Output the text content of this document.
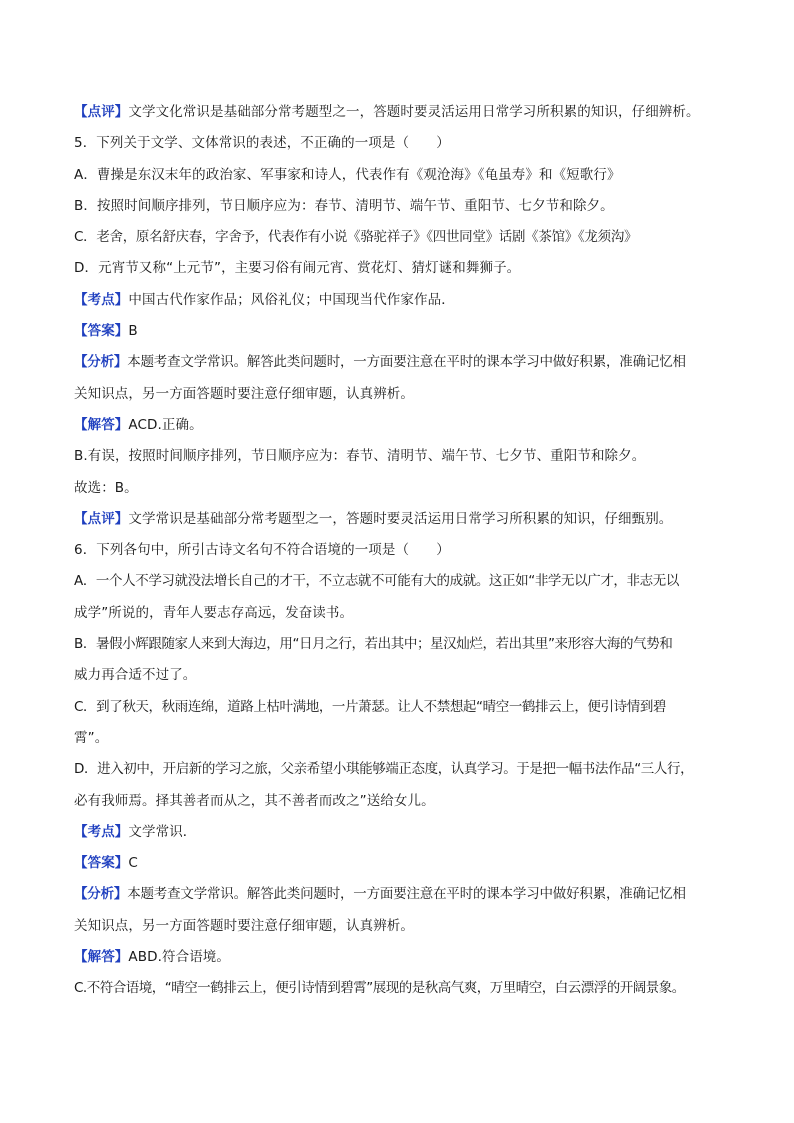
【点评】文学文化常识是基础部分常考题型之一，答题时要灵活运用日常学习所积累的知识，仔细辨析。
5．下列关于文学、文体常识的表述，不正确的一项是（　　）
A．曹操是东汉末年的政治家、军事家和诗人，代表作有《观沧海》《龟虽寿》和《短歌行》
B．按照时间顺序排列，节日顺序应为：春节、清明节、端午节、重阳节、七夕节和除夕。
C．老舍，原名舒庆春，字舍予，代表作有小说《骆驼祥子》《四世同堂》话剧《茶馆》《龙须沟》
D．元宵节又称“上元节”，主要习俗有闹元宵、赏花灯、猜灯谜和舞狮子。
【考点】中国古代作家作品；风俗礼仪；中国现当代作家作品．
【答案】B
【分析】本题考查文学常识。解答此类问题时，一方面要注意在平时的课本学习中做好积累，准确记忆相
关知识点，另一方面答题时要注意仔细审题，认真辨析。
【解答】ACD.正确。
B.有误，按照时间顺序排列，节日顺序应为：春节、清明节、端午节、七夕节、重阳节和除夕。
故选：B。
【点评】文学常识是基础部分常考题型之一，答题时要灵活运用日常学习所积累的知识，仔细甄别。
6．下列各句中，所引古诗文名句不符合语境的一项是（　　）
A．一个人不学习就没法增长自己的才干，不立志就不可能有大的成就。这正如“非学无以广才，非志无以
成学”所说的，青年人要志存高远，发奋读书。
B．暑假小辉跟随家人来到大海边，用“日月之行，若出其中；星汉灿烂，若出其里”来形容大海的气势和
威力再合适不过了。
C．到了秋天，秋雨连绵，道路上枯叶满地，一片萧瑟。让人不禁想起“晴空一鹤排云上，便引诗情到碧
霄”。
D．进入初中，开启新的学习之旅，父亲希望小琪能够端正态度，认真学习。于是把一幅书法作品“三人行，
必有我师焉。择其善者而从之，其不善者而改之”送给女儿。
【考点】文学常识．
【答案】C
【分析】本题考查文学常识。解答此类问题时，一方面要注意在平时的课本学习中做好积累，准确记忆相
关知识点，另一方面答题时要注意仔细审题，认真辨析。
【解答】ABD.符合语境。
C.不符合语境，“晴空一鹤排云上，便引诗情到碧霄”展现的是秋高气爽，万里晴空，白云漂浮的开阔景象。
